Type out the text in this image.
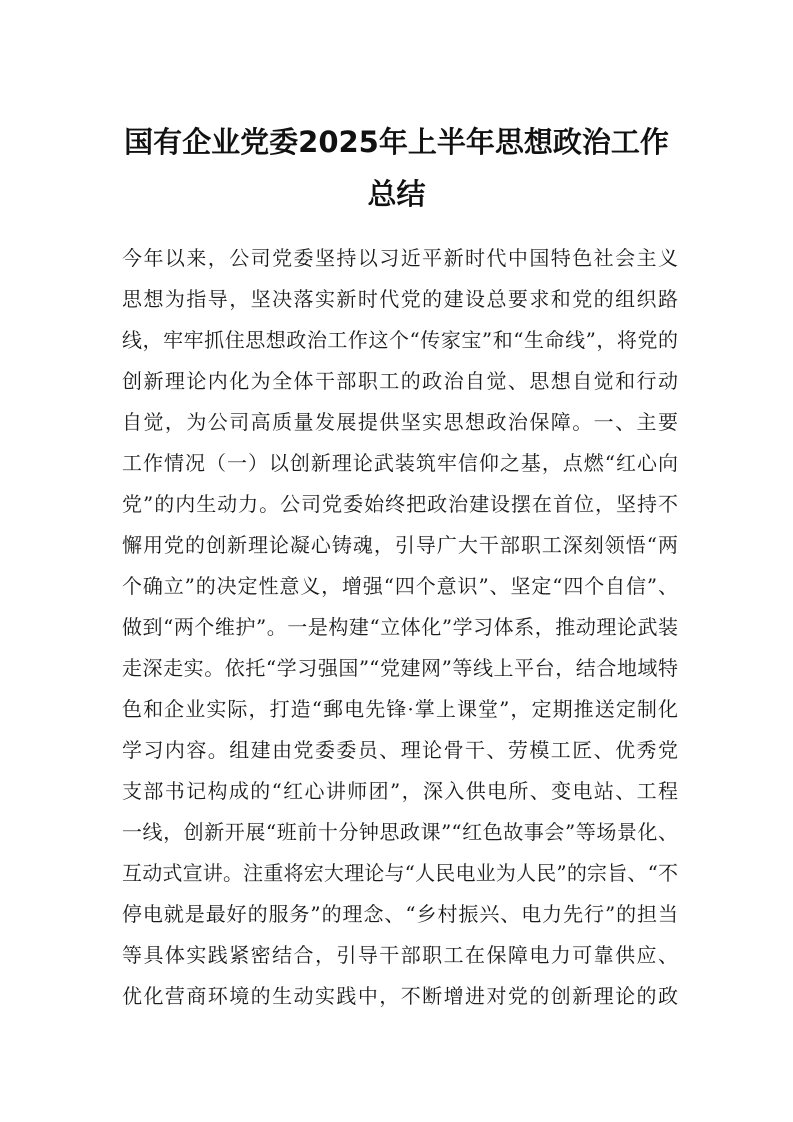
国有企业党委2025年上半年思想政治工作
总结
今年以来，公司党委坚持以习近平新时代中国特色社会主义
思想为指导，坚决落实新时代党的建设总要求和党的组织路
线，牢牢抓住思想政治工作这个“传家宝”和“生命线”，将党的
创新理论内化为全体干部职工的政治自觉、思想自觉和行动
自觉，为公司高质量发展提供坚实思想政治保障。一、主要
工作情况（一）以创新理论武装筑牢信仰之基，点燃“红心向
党”的内生动力。公司党委始终把政治建设摆在首位，坚持不
懈用党的创新理论凝心铸魂，引导广大干部职工深刻领悟“两
个确立”的决定性意义，增强“四个意识”、坚定“四个自信”、
做到“两个维护”。一是构建“立体化”学习体系，推动理论武装
走深走实。依托“学习强国”“党建网”等线上平台，结合地域特
色和企业实际，打造“郵电先锋·掌上课堂”，定期推送定制化
学习内容。组建由党委委员、理论骨干、劳模工匠、优秀党
支部书记构成的“红心讲师团”，深入供电所、变电站、工程
一线，创新开展“班前十分钟思政课”“红色故事会”等场景化、
互动式宣讲。注重将宏大理论与“人民电业为人民”的宗旨、“不
停电就是最好的服务”的理念、“乡村振兴、电力先行”的担当
等具体实践紧密结合，引导干部职工在保障电力可靠供应、
优化营商环境的生动实践中，不断增进对党的创新理论的政
